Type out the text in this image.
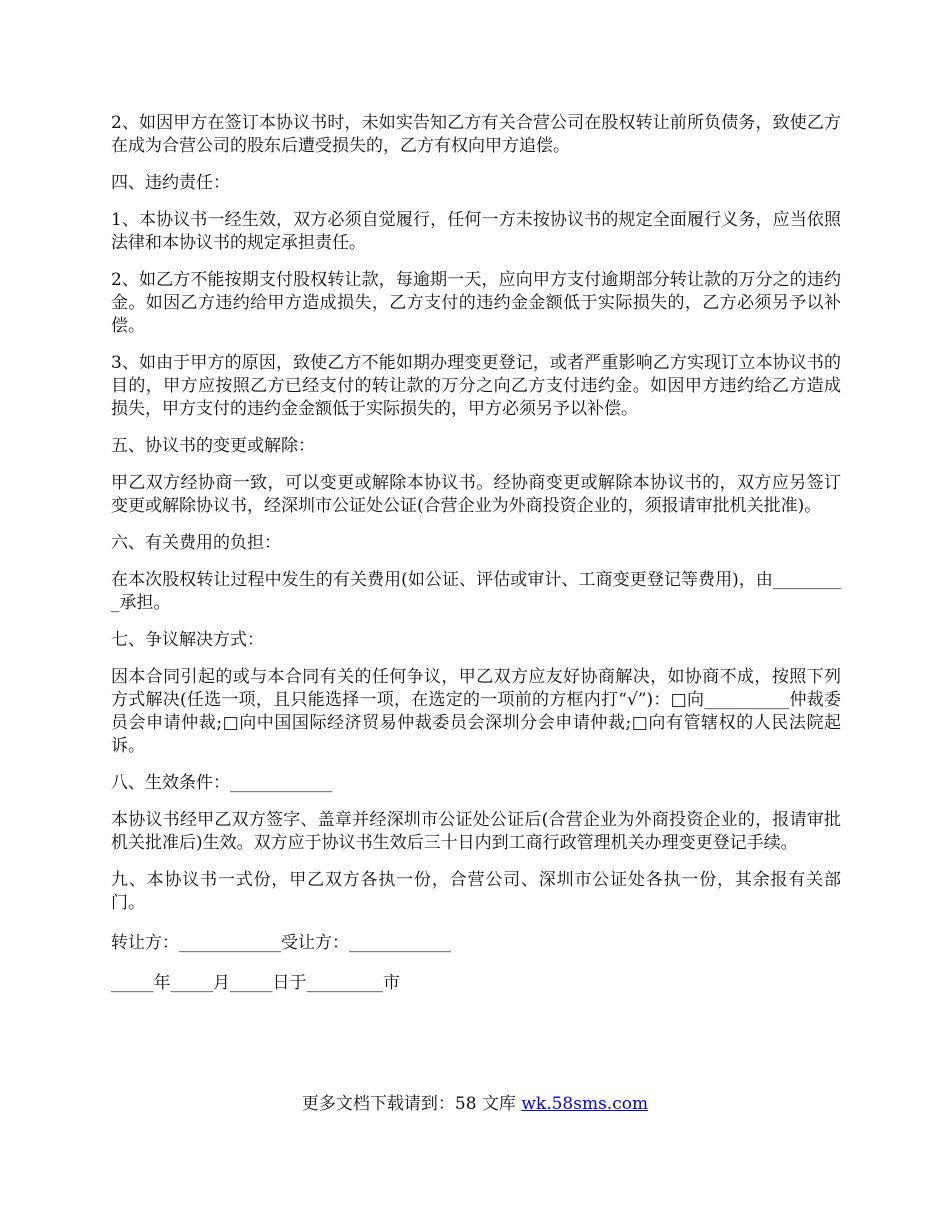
2、如因甲方在签订本协议书时，未如实告知乙方有关合营公司在股权转让前所负债务，致使乙方在成为合营公司的股东后遭受损失的，乙方有权向甲方追偿。

四、违约责任：

1、本协议书一经生效，双方必须自觉履行，任何一方未按协议书的规定全面履行义务，应当依照法律和本协议书的规定承担责任。

2、如乙方不能按期支付股权转让款，每逾期一天，应向甲方支付逾期部分转让款的万分之的违约金。如因乙方违约给甲方造成损失，乙方支付的违约金金额低于实际损失的，乙方必须另予以补偿。

3、如由于甲方的原因，致使乙方不能如期办理变更登记，或者严重影响乙方实现订立本协议书的目的，甲方应按照乙方已经支付的转让款的万分之向乙方支付违约金。如因甲方违约给乙方造成损失，甲方支付的违约金金额低于实际损失的，甲方必须另予以补偿。

五、协议书的变更或解除：

甲乙双方经协商一致，可以变更或解除本协议书。经协商变更或解除本协议书的，双方应另签订变更或解除协议书，经深圳市公证处公证(合营企业为外商投资企业的，须报请审批机关批准)。

六、有关费用的负担：

在本次股权转让过程中发生的有关费用(如公证、评估或审计、工商变更登记等费用)，由_________承担。

七、争议解决方式：

因本合同引起的或与本合同有关的任何争议，甲乙双方应友好协商解决，如协商不成，按照下列方式解决(任选一项，且只能选择一项，在选定的一项前的方框内打“√”)：□向__________仲裁委员会申请仲裁;□向中国国际经济贸易仲裁委员会深圳分会申请仲裁;□向有管辖权的人民法院起诉。

八、生效条件：____________

本协议书经甲乙双方签字、盖章并经深圳市公证处公证后(合营企业为外商投资企业的，报请审批机关批准后)生效。双方应于协议书生效后三十日内到工商行政管理机关办理变更登记手续。

九、本协议书一式份，甲乙双方各执一份，合营公司、深圳市公证处各执一份，其余报有关部门。

转让方：____________受让方：____________

_____年_____月_____日于_________市

更多文档下载请到：58 文库 wk.58sms.com
